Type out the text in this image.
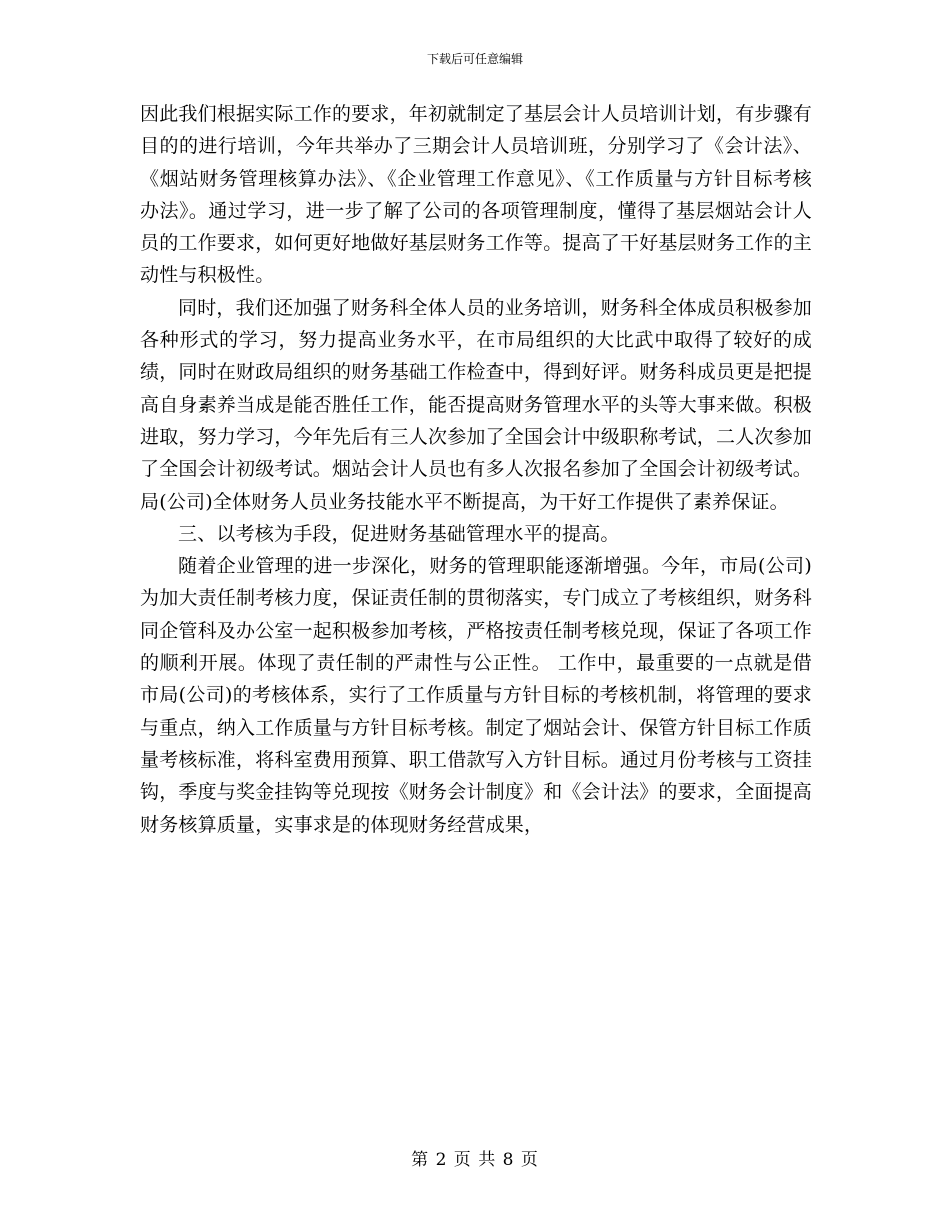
下载后可任意编辑

因此我们根据实际工作的要求，年初就制定了基层会计人员培训计划，有步骤有目的的进行培训，今年共举办了三期会计人员培训班，分别学习了《会计法》、《烟站财务管理核算办法》、《企业管理工作意见》、《工作质量与方针目标考核办法》。通过学习，进一步了解了公司的各项管理制度，懂得了基层烟站会计人员的工作要求，如何更好地做好基层财务工作等。提高了干好基层财务工作的主动性与积极性。

同时，我们还加强了财务科全体人员的业务培训，财务科全体成员积极参加各种形式的学习，努力提高业务水平，在市局组织的大比武中取得了较好的成绩，同时在财政局组织的财务基础工作检查中，得到好评。财务科成员更是把提高自身素养当成是能否胜任工作，能否提高财务管理水平的头等大事来做。积极进取，努力学习，今年先后有三人次参加了全国会计中级职称考试，二人次参加了全国会计初级考试。烟站会计人员也有多人次报名参加了全国会计初级考试。局(公司)全体财务人员业务技能水平不断提高，为干好工作提供了素养保证。

三、以考核为手段，促进财务基础管理水平的提高。

随着企业管理的进一步深化，财务的管理职能逐渐增强。今年，市局(公司)为加大责任制考核力度，保证责任制的贯彻落实，专门成立了考核组织，财务科同企管科及办公室一起积极参加考核，严格按责任制考核兑现，保证了各项工作的顺利开展。体现了责任制的严肃性与公正性。 工作中，最重要的一点就是借市局(公司)的考核体系，实行了工作质量与方针目标的考核机制，将管理的要求与重点，纳入工作质量与方针目标考核。制定了烟站会计、保管方针目标工作质量考核标准，将科室费用预算、职工借款写入方针目标。通过月份考核与工资挂钩，季度与奖金挂钩等兑现按《财务会计制度》和《会计法》的要求，全面提高财务核算质量，实事求是的体现财务经营成果，

第 2 页 共 8 页
